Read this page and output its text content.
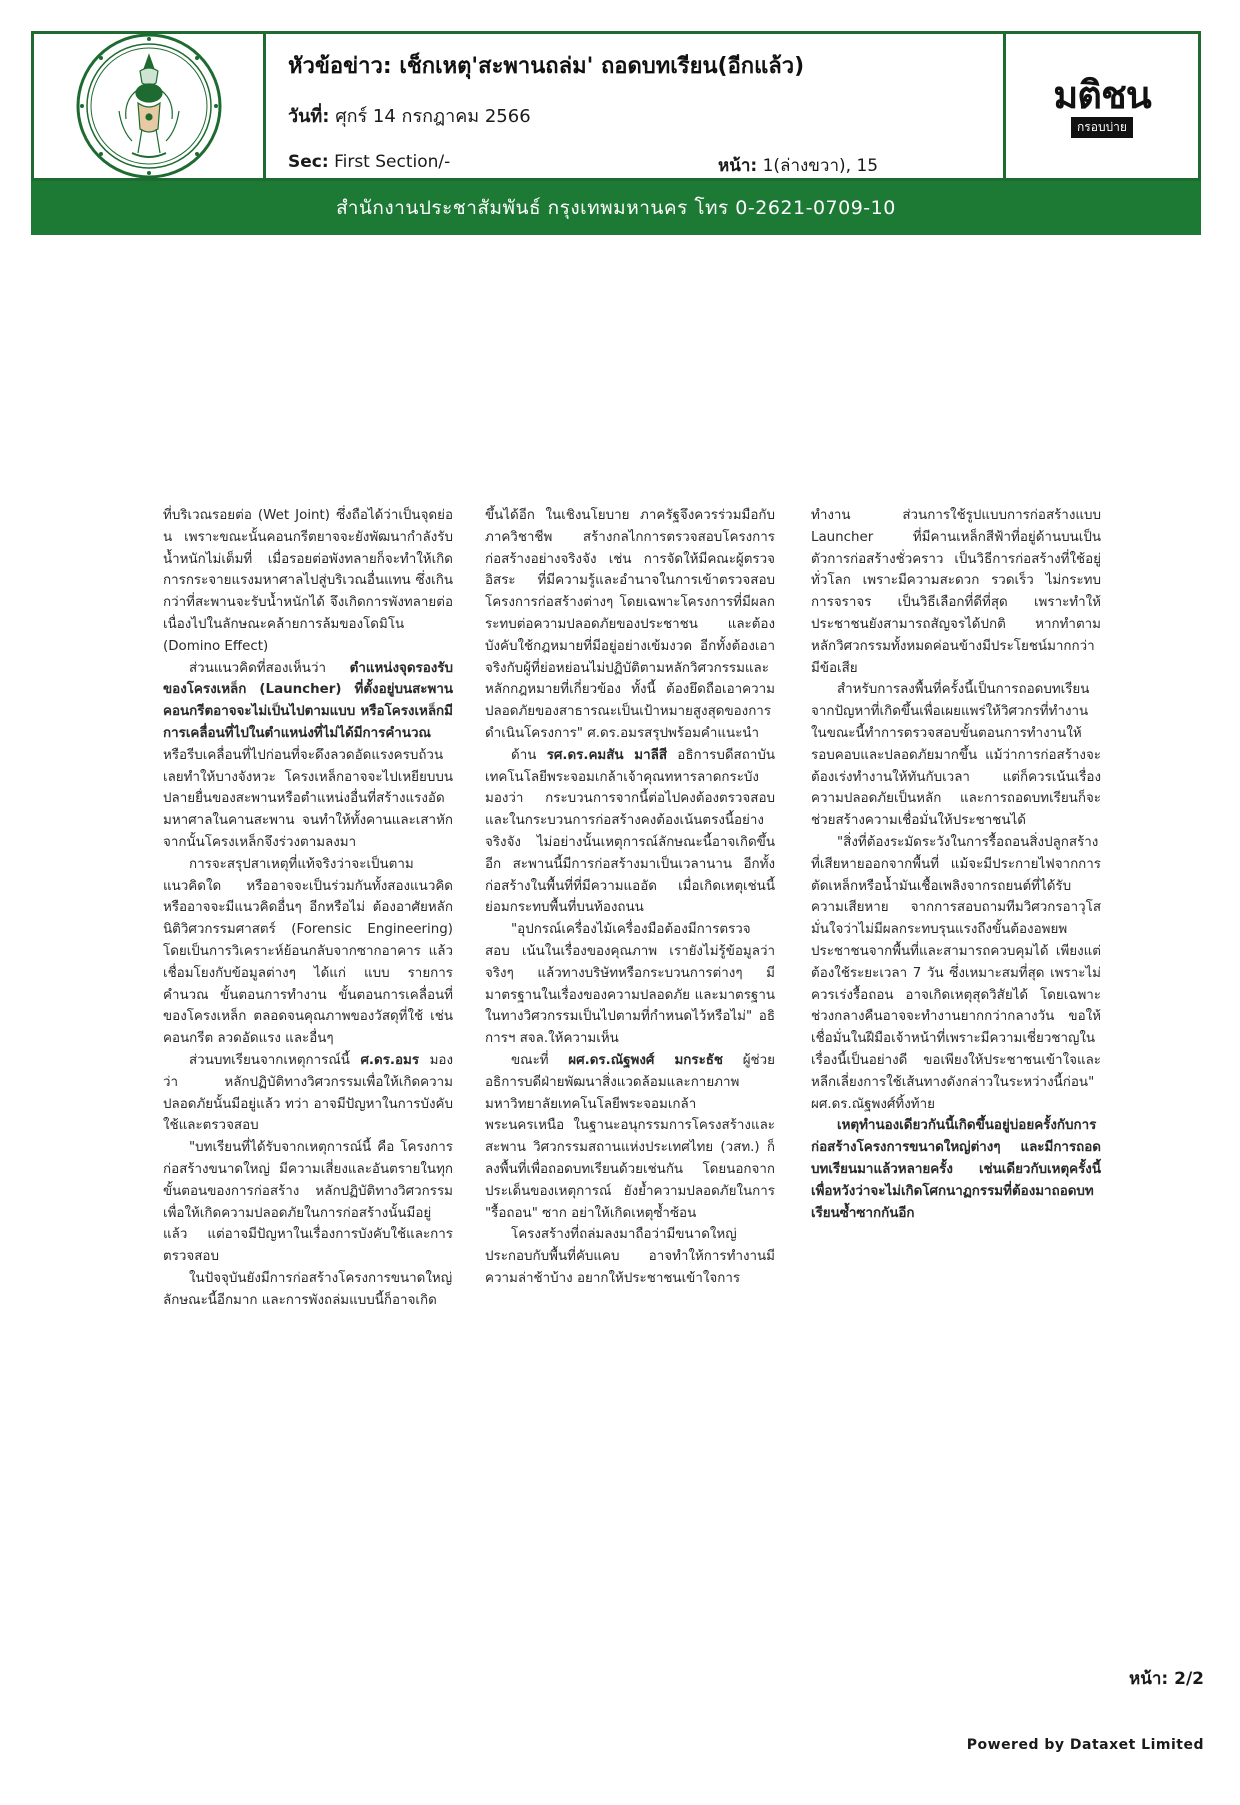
หัวข้อข่าว: เช็กเหตุ'สะพานถล่ม' ถอดบทเรียน(อีกแล้ว)
วันที่: ศุกร์ 14 กรกฎาคม 2566
Sec: First Section/-	หน้า: 1(ล่างขวา), 15
มติชน
กรอบบ่าย
สำนักงานประชาสัมพันธ์ กรุงเทพมหานคร โทร 0-2621-0709-10

ที่บริเวณรอยต่อ (Wet Joint) ซึ่งถือได้ว่าเป็นจุดย่อน เพราะขณะนั้นคอนกรีตยาจจะยังพัฒนากำลังรับน้ำหนักไม่เต็มที่ เมื่อรอยต่อพังทลายก็จะทำให้เกิดการกระจายแรงมหาศาลไปสู่บริเวณอื่นแทน ซึ่งเกินกว่าที่สะพานจะรับน้ำหนักได้ จึงเกิดการพังทลายต่อเนื่องไปในลักษณะคล้ายการล้มของโดมิโน (Domino Effect)

ส่วนแนวคิดที่สองเห็นว่า ตำแหน่งจุดรองรับของโครงเหล็ก (Launcher) ที่ตั้งอยู่บนสะพานคอนกรีตอาจจะไม่เป็นไปตามแบบ หรือโครงเหล็กมีการเคลื่อนที่ไปในตำแหน่งที่ไม่ได้มีการคำนวณ หรือรีบเคลื่อนที่ไปก่อนที่จะดึงลวดอัดแรงครบถ้วน เลยทำให้บางจังหวะ โครงเหล็กอาจจะไปเหยียบบนปลายยื่นของสะพานหรือตำแหน่งอื่นที่สร้างแรงอัดมหาศาลในคานสะพาน จนทำให้ทั้งคานและเสาหัก จากนั้นโครงเหล็กจึงร่วงตามลงมา

การจะสรุปสาเหตุที่แท้จริงว่าจะเป็นตามแนวคิดใด หรืออาจจะเป็นร่วมกันทั้งสองแนวคิด หรืออาจจะมีแนวคิดอื่นๆ อีกหรือไม่ ต้องอาศัยหลักนิติวิศวกรรมศาสตร์ (Forensic Engineering) โดยเป็นการวิเคราะห์ย้อนกลับจากซากอาคาร แล้วเชื่อมโยงกับข้อมูลต่างๆ ได้แก่ แบบ รายการคำนวณ ขั้นตอนการทำงาน ขั้นตอนการเคลื่อนที่ของโครงเหล็ก ตลอดจนคุณภาพของวัสดุที่ใช้ เช่น คอนกรีต ลวดอัดแรง และอื่นๆ

ส่วนบทเรียนจากเหตุการณ์นี้ ศ.ดร.อมร มองว่า หลักปฏิบัติทางวิศวกรรมเพื่อให้เกิดความปลอดภัยนั้นมีอยู่แล้ว ทว่า อาจมีปัญหาในการบังคับใช้และตรวจสอบ

"บทเรียนที่ได้รับจากเหตุการณ์นี้ คือ โครงการก่อสร้างขนาดใหญ่ มีความเสี่ยงและอันตรายในทุกขั้นตอนของการก่อสร้าง หลักปฏิบัติทางวิศวกรรมเพื่อให้เกิดความปลอดภัยในการก่อสร้างนั้นมีอยู่แล้ว แต่อาจมีปัญหาในเรื่องการบังคับใช้และการตรวจสอบ

ในปัจจุบันยังมีการก่อสร้างโครงการขนาดใหญ่ลักษณะนี้อีกมาก และการพังถล่มแบบนี้ก็อาจเกิด

ขึ้นได้อีก ในเชิงนโยบาย ภาครัฐจึงควรร่วมมือกับภาควิชาชีพ สร้างกลไกการตรวจสอบโครงการก่อสร้างอย่างจริงจัง เช่น การจัดให้มีคณะผู้ตรวจอิสระ ที่มีความรู้และอำนาจในการเข้าตรวจสอบโครงการก่อสร้างต่างๆ โดยเฉพาะโครงการที่มีผลกระทบต่อความปลอดภัยของประชาชน และต้องบังคับใช้กฎหมายที่มีอยู่อย่างเข้มงวด อีกทั้งต้องเอาจริงกับผู้ที่ย่อหย่อนไม่ปฏิบัติตามหลักวิศวกรรมและหลักกฎหมายที่เกี่ยวข้อง ทั้งนี้ ต้องยึดถือเอาความปลอดภัยของสาธารณะเป็นเป้าหมายสูงสุดของการดำเนินโครงการ" ศ.ดร.อมรสรุปพร้อมคำแนะนำ

ด้าน รศ.ดร.คมสัน มาลีสี อธิการบดีสถาบันเทคโนโลยีพระจอมเกล้าเจ้าคุณทหารลาดกระบังมองว่า กระบวนการจากนี้ต่อไปคงต้องตรวจสอบ และในกระบวนการก่อสร้างคงต้องเน้นตรงนี้อย่างจริงจัง ไม่อย่างนั้นเหตุการณ์ลักษณะนี้อาจเกิดขึ้นอีก สะพานนี้มีการก่อสร้างมาเป็นเวลานาน อีกทั้งก่อสร้างในพื้นที่ที่มีความแออัด เมื่อเกิดเหตุเช่นนี้ย่อมกระทบพื้นที่บนท้องถนน

"อุปกรณ์เครื่องไม้เครื่องมือต้องมีการตรวจสอบ เน้นในเรื่องของคุณภาพ เรายังไม่รู้ข้อมูลว่าจริงๆ แล้วทางบริษัทหรือกระบวนการต่างๆ มีมาตรฐานในเรื่องของความปลอดภัย และมาตรฐานในทางวิศวกรรมเป็นไปตามที่กำหนดไว้หรือไม่" อธิการฯ สจล.ให้ความเห็น

ขณะที่ ผศ.ดร.ณัฐพงศ์ มกระธัช ผู้ช่วยอธิการบดีฝ่ายพัฒนาสิ่งแวดล้อมและกายภาพ มหาวิทยาลัยเทคโนโลยีพระจอมเกล้าพระนครเหนือ ในฐานะอนุกรรมการโครงสร้างและสะพาน วิศวกรรมสถานแห่งประเทศไทย (วสท.) ก็ลงพื้นที่เพื่อถอดบทเรียนด้วยเช่นกัน โดยนอกจากประเด็นของเหตุการณ์ ยังย้ำความปลอดภัยในการ "รื้อถอน" ซาก อย่าให้เกิดเหตุซ้ำซ้อน

โครงสร้างที่ถล่มลงมาถือว่ามีขนาดใหญ่ ประกอบกับพื้นที่คับแคบ อาจทำให้การทำงานมีความล่าช้าบ้าง อยากให้ประชาชนเข้าใจการ

ทำงาน ส่วนการใช้รูปแบบการก่อสร้างแบบ Launcher ที่มีคานเหล็กสีฟ้าที่อยู่ด้านบนเป็นตัวการก่อสร้างชั่วคราว เป็นวิธีการก่อสร้างที่ใช้อยู่ทั่วโลก เพราะมีความสะดวก รวดเร็ว ไม่กระทบการจราจร เป็นวิธีเลือกที่ดีที่สุด เพราะทำให้ประชาชนยังสามารถสัญจรได้ปกติ หากทำตามหลักวิศวกรรมทั้งหมดค่อนข้างมีประโยชน์มากกว่ามีข้อเสีย

สำหรับการลงพื้นที่ครั้งนี้เป็นการถอดบทเรียนจากปัญหาที่เกิดขึ้นเพื่อเผยแพร่ให้วิศวกรที่ทำงานในขณะนี้ทำการตรวจสอบขั้นตอนการทำงานให้รอบคอบและปลอดภัยมากขึ้น แม้ว่าการก่อสร้างจะต้องเร่งทำงานให้ทันกับเวลา แต่ก็ควรเน้นเรื่องความปลอดภัยเป็นหลัก และการถอดบทเรียนก็จะช่วยสร้างความเชื่อมั่นให้ประชาชนได้

"สิ่งที่ต้องระมัดระวังในการรื้อถอนสิ่งปลูกสร้างที่เสียหายออกจากพื้นที่ แม้จะมีประกายไฟจากการตัดเหล็กหรือน้ำมันเชื้อเพลิงจากรถยนต์ที่ได้รับความเสียหาย จากการสอบถามทีมวิศวกรอาวุโสมั่นใจว่าไม่มีผลกระทบรุนแรงถึงขั้นต้องอพยพประชาชนจากพื้นที่และสามารถควบคุมได้ เพียงแต่ต้องใช้ระยะเวลา 7 วัน ซึ่งเหมาะสมที่สุด เพราะไม่ควรเร่งรื้อถอน อาจเกิดเหตุสุดวิสัยได้ โดยเฉพาะช่วงกลางคืนอาจจะทำงานยากกว่ากลางวัน ขอให้เชื่อมั่นในฝีมือเจ้าหน้าที่เพราะมีความเชี่ยวชาญในเรื่องนี้เป็นอย่างดี ขอเพียงให้ประชาชนเข้าใจและหลีกเลี่ยงการใช้เส้นทางดังกล่าวในระหว่างนี้ก่อน" ผศ.ดร.ณัฐพงศ์ทิ้งท้าย

เหตุทำนองเดียวกันนี้เกิดขึ้นอยู่บ่อยครั้งกับการก่อสร้างโครงการขนาดใหญ่ต่างๆ และมีการถอดบทเรียนมาแล้วหลายครั้ง เช่นเดียวกับเหตุครั้งนี้ เพื่อหวังว่าจะไม่เกิดโศกนาฏกรรมที่ต้องมาถอดบทเรียนซ้ำซากกันอีก

หน้า: 2/2
Powered by Dataxet Limited
